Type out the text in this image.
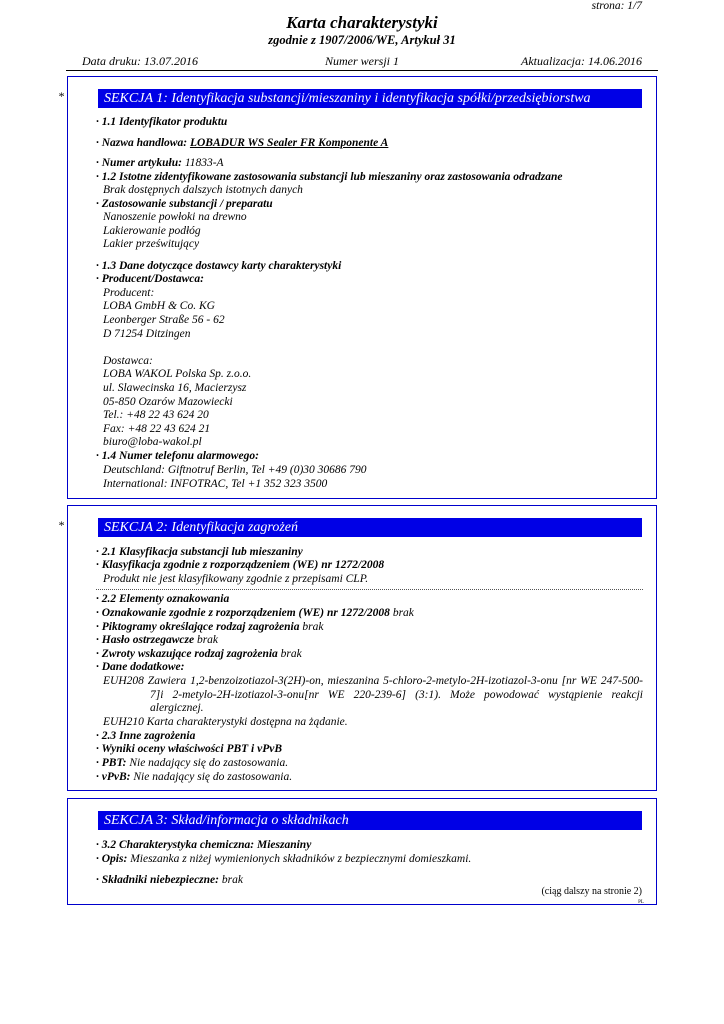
strona: 1/7
Karta charakterystyki
zgodnie z 1907/2006/WE, Artykuł 31
Data druku: 13.07.2016	Numer wersji 1	Aktualizacja: 14.06.2016
*	SEKCJA 1: Identyfikacja substancji/mieszaniny i identyfikacja spółki/przedsiębiorstwa
· 1.1 Identyfikator produktu
· Nazwa handlowa: LOBADUR WS Sealer FR Komponente A
· Numer artykułu: 11833-A
· 1.2 Istotne zidentyfikowane zastosowania substancji lub mieszaniny oraz zastosowania odradzane
Brak dostępnych dalszych istotnych danych
· Zastosowanie substancji / preparatu
Nanoszenie powłoki na drewno
Lakierowanie podłóg
Lakier prześwitujący
· 1.3 Dane dotyczące dostawcy karty charakterystyki
· Producent/Dostawca:
Producent:
LOBA GmbH & Co. KG
Leonberger Straße 56 - 62
D 71254 Ditzingen
Dostawca:
LOBA WAKOL Polska Sp. z.o.o.
ul. Slawecinska 16, Macierzysz
05-850 Ozarów Mazowiecki
Tel.: +48 22 43 624 20
Fax: +48 22 43 624 21
biuro@loba-wakol.pl
· 1.4 Numer telefonu alarmowego:
Deutschland: Giftnotruf Berlin, Tel +49 (0)30 30686 790
International: INFOTRAC, Tel +1 352 323 3500
*	SEKCJA 2: Identyfikacja zagrożeń
· 2.1 Klasyfikacja substancji lub mieszaniny
· Klasyfikacja zgodnie z rozporządzeniem (WE) nr 1272/2008
Produkt nie jest klasyfikowany zgodnie z przepisami CLP.
· 2.2 Elementy oznakowania
· Oznakowanie zgodnie z rozporządzeniem (WE) nr 1272/2008 brak
· Piktogramy określające rodzaj zagrożenia brak
· Hasło ostrzegawcze brak
· Zwroty wskazujące rodzaj zagrożenia brak
· Dane dodatkowe:
EUH208 Zawiera 1,2-benzoizotiazol-3(2H)-on, mieszanina 5-chloro-2-metylo-2H-izotiazol-3-onu [nr WE 247-500-7]i 2-metylo-2H-izotiazol-3-onu[nr WE 220-239-6] (3:1). Może powodować wystąpienie reakcji alergicznej.
EUH210 Karta charakterystyki dostępna na żądanie.
· 2.3 Inne zagrożenia
· Wyniki oceny właściwości PBT i vPvB
· PBT: Nie nadający się do zastosowania.
· vPvB: Nie nadający się do zastosowania.
SEKCJA 3: Skład/informacja o składnikach
· 3.2 Charakterystyka chemiczna: Mieszaniny
· Opis: Mieszanka z niżej wymienionych składników z bezpiecznymi domieszkami.
· Składniki niebezpieczne: brak
(ciąg dalszy na stronie 2)
PL
